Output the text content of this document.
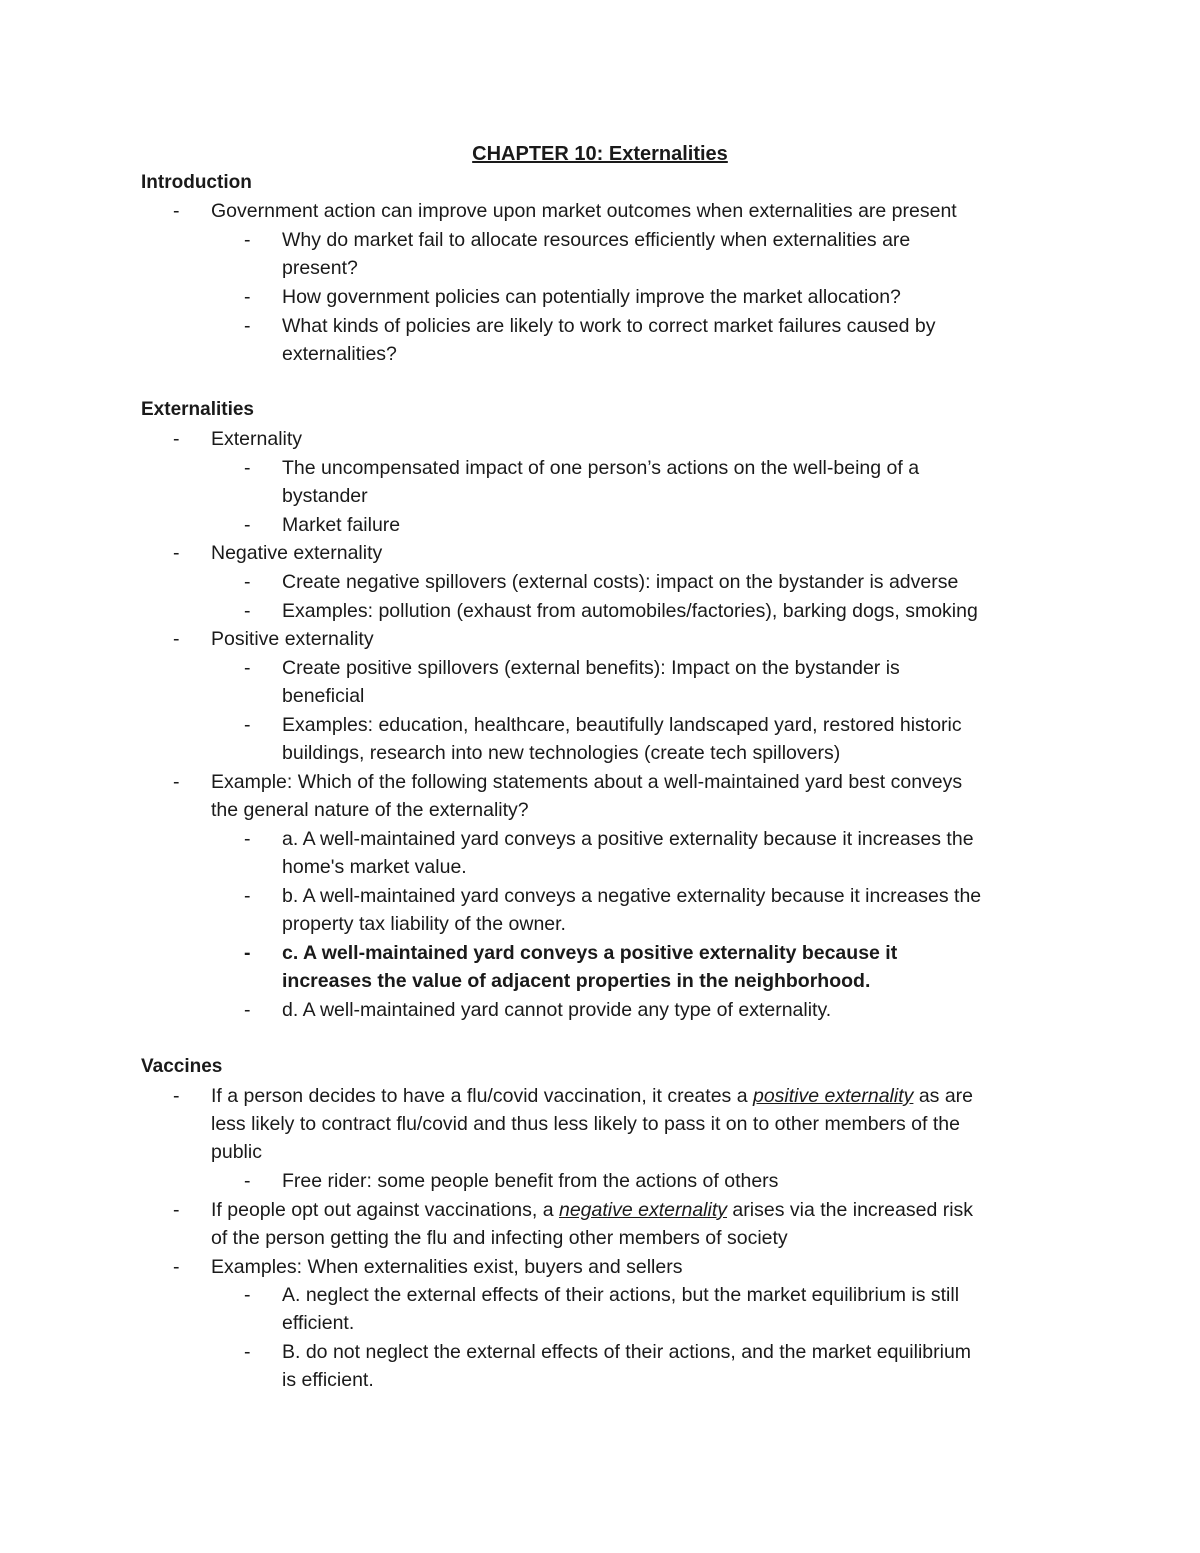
CHAPTER 10: Externalities
Introduction
- Government action can improve upon market outcomes when externalities are present
- Why do market fail to allocate resources efficiently when externalities are
present?
- How government policies can potentially improve the market allocation?
- What kinds of policies are likely to work to correct market failures caused by
externalities?
Externalities
- Externality
- The uncompensated impact of one person’s actions on the well-being of a
bystander
- Market failure
- Negative externality
- Create negative spillovers (external costs): impact on the bystander is adverse
- Examples: pollution (exhaust from automobiles/factories), barking dogs, smoking
- Positive externality
- Create positive spillovers (external benefits): Impact on the bystander is
beneficial
- Examples: education, healthcare, beautifully landscaped yard, restored historic
buildings, research into new technologies (create tech spillovers)
- Example: Which of the following statements about a well-maintained yard best conveys
the general nature of the externality?
- a. A well-maintained yard conveys a positive externality because it increases the
home's market value.
- b. A well-maintained yard conveys a negative externality because it increases the
property tax liability of the owner.
- c. A well-maintained yard conveys a positive externality because it
increases the value of adjacent properties in the neighborhood.
- d. A well-maintained yard cannot provide any type of externality.
Vaccines
- If a person decides to have a flu/covid vaccination, it creates a positive externality as are
less likely to contract flu/covid and thus less likely to pass it on to other members of the
public
- Free rider: some people benefit from the actions of others
- If people opt out against vaccinations, a negative externality arises via the increased risk
of the person getting the flu and infecting other members of society
- Examples: When externalities exist, buyers and sellers
- A. neglect the external effects of their actions, but the market equilibrium is still
efficient.
- B. do not neglect the external effects of their actions, and the market equilibrium
is efficient.
